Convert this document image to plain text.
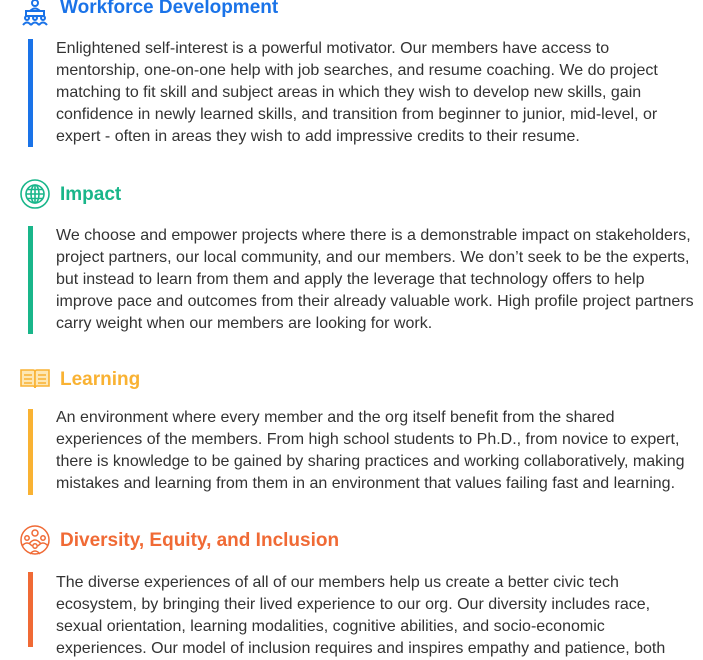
Workforce Development
Enlightened self-interest is a powerful motivator. Our members have access to mentorship, one-on-one help with job searches, and resume coaching. We do project matching to fit skill and subject areas in which they wish to develop new skills, gain confidence in newly learned skills, and transition from beginner to junior, mid-level, or expert - often in areas they wish to add impressive credits to their resume.
Impact
We choose and empower projects where there is a demonstrable impact on stakeholders, project partners, our local community, and our members. We don’t seek to be the experts, but instead to learn from them and apply the leverage that technology offers to help improve pace and outcomes from their already valuable work. High profile project partners carry weight when our members are looking for work.
Learning
An environment where every member and the org itself benefit from the shared experiences of the members. From high school students to Ph.D., from novice to expert, there is knowledge to be gained by sharing practices and working collaboratively, making mistakes and learning from them in an environment that values failing fast and learning.
Diversity, Equity, and Inclusion
The diverse experiences of all of our members help us create a better civic tech ecosystem, by bringing their lived experience to our org. Our diversity includes race, sexual orientation, learning modalities, cognitive abilities, and socio-economic experiences. Our model of inclusion requires and inspires empathy and patience, both
